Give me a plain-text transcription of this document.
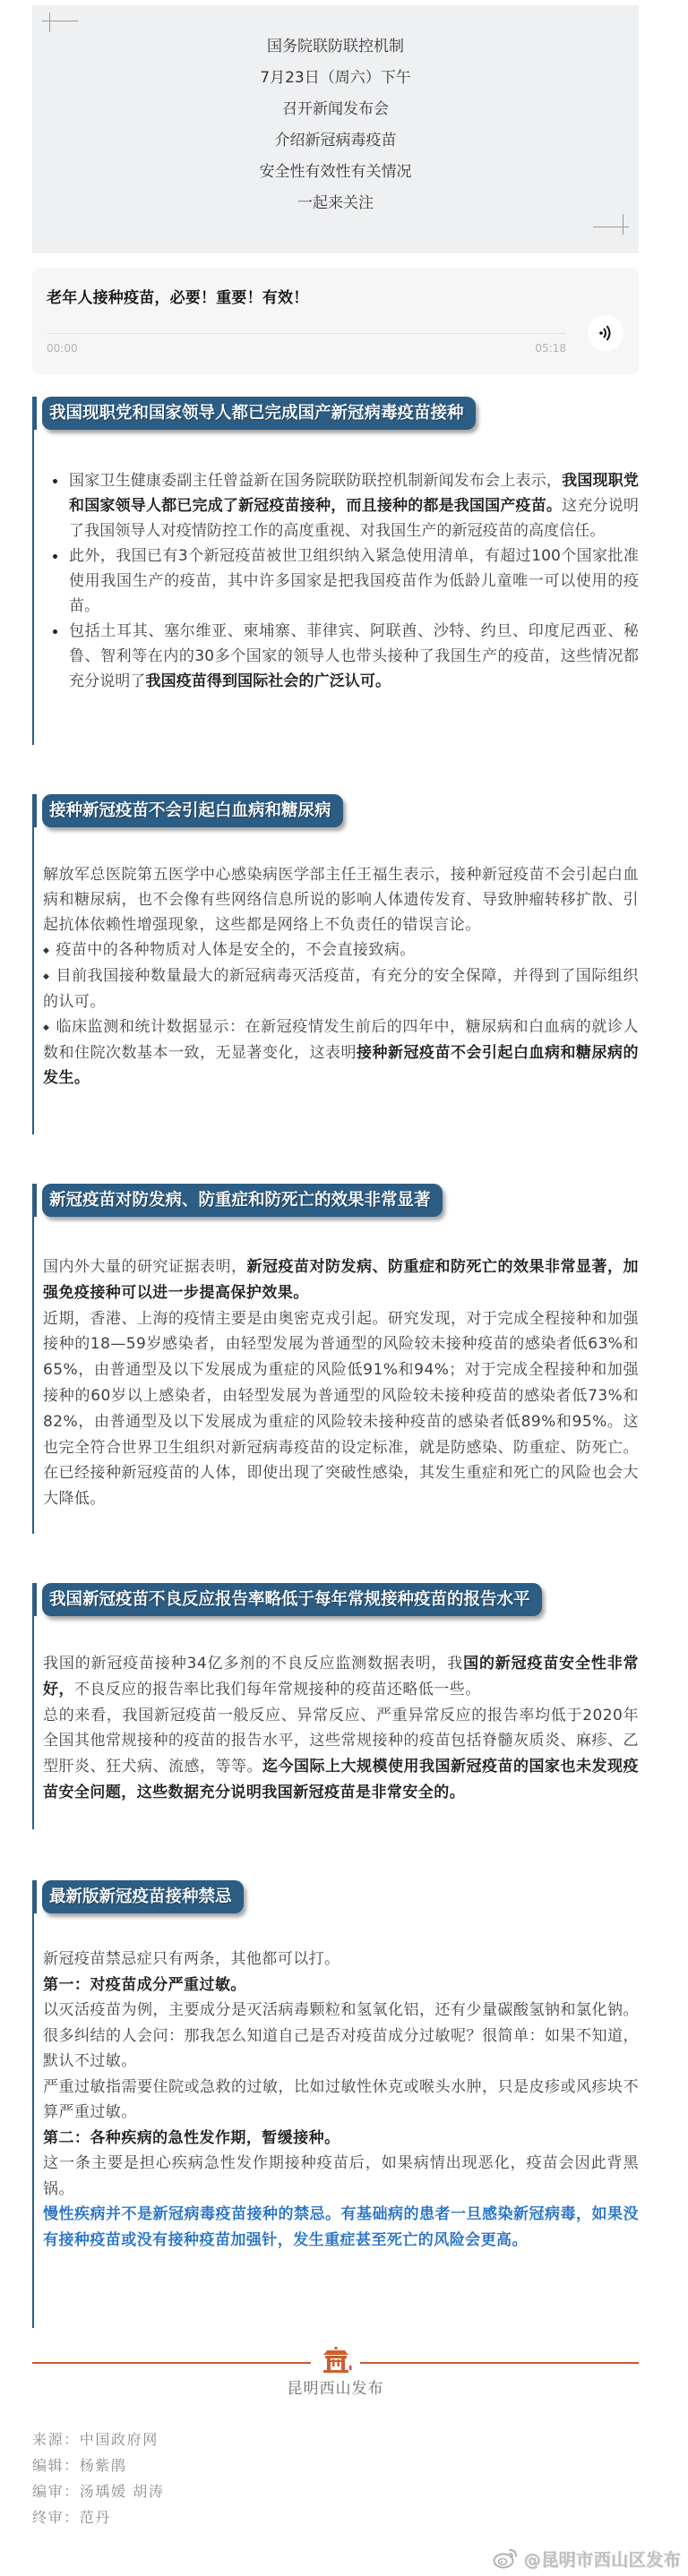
国务院联防联控机制
7月23日（周六）下午
召开新闻发布会
介绍新冠病毒疫苗
安全性有效性有关情况
一起来关注
老年人接种疫苗，必要！重要！有效！
00:00	05:18
我国现职党和国家领导人都已完成国产新冠病毒疫苗接种

国家卫生健康委副主任曾益新在国务院联防联控机制新闻发布会上表示，我国现职党和国家领导人都已完成了新冠疫苗接种，而且接种的都是我国国产疫苗。这充分说明了我国领导人对疫情防控工作的高度重视、对我国生产的新冠疫苗的高度信任。

此外，我国已有3个新冠疫苗被世卫组织纳入紧急使用清单，有超过100个国家批准使用我国生产的疫苗，其中许多国家是把我国疫苗作为低龄儿童唯一可以使用的疫苗。

包括土耳其、塞尔维亚、柬埔寨、菲律宾、阿联酋、沙特、约旦、印度尼西亚、秘鲁、智利等在内的30多个国家的领导人也带头接种了我国生产的疫苗，这些情况都充分说明了我国疫苗得到国际社会的广泛认可。

接种新冠疫苗不会引起白血病和糖尿病

解放军总医院第五医学中心感染病医学部主任王福生表示，接种新冠疫苗不会引起白血病和糖尿病，也不会像有些网络信息所说的影响人体遗传发育、导致肿瘤转移扩散、引起抗体依赖性增强现象，这些都是网络上不负责任的错误言论。

◆ 疫苗中的各种物质对人体是安全的，不会直接致病。

◆ 目前我国接种数量最大的新冠病毒灭活疫苗，有充分的安全保障，并得到了国际组织的认可。

◆ 临床监测和统计数据显示：在新冠疫情发生前后的四年中，糖尿病和白血病的就诊人数和住院次数基本一致，无显著变化，这表明接种新冠疫苗不会引起白血病和糖尿病的发生。

新冠疫苗对防发病、防重症和防死亡的效果非常显著

国内外大量的研究证据表明，新冠疫苗对防发病、防重症和防死亡的效果非常显著，加强免疫接种可以进一步提高保护效果。

近期，香港、上海的疫情主要是由奥密克戎引起。研究发现，对于完成全程接种和加强接种的18—59岁感染者，由轻型发展为普通型的风险较未接种疫苗的感染者低63%和65%，由普通型及以下发展成为重症的风险低91%和94%；对于完成全程接种和加强接种的60岁以上感染者，由轻型发展为普通型的风险较未接种疫苗的感染者低73%和82%，由普通型及以下发展成为重症的风险较未接种疫苗的感染者低89%和95%。这也完全符合世界卫生组织对新冠病毒疫苗的设定标准，就是防感染、防重症、防死亡。在已经接种新冠疫苗的人体，即使出现了突破性感染，其发生重症和死亡的风险也会大大降低。

我国新冠疫苗不良反应报告率略低于每年常规接种疫苗的报告水平

我国的新冠疫苗接种34亿多剂的不良反应监测数据表明，我国的新冠疫苗安全性非常好，不良反应的报告率比我们每年常规接种的疫苗还略低一些。

总的来看，我国新冠疫苗一般反应、异常反应、严重异常反应的报告率均低于2020年全国其他常规接种的疫苗的报告水平，这些常规接种的疫苗包括脊髓灰质炎、麻疹、乙型肝炎、狂犬病、流感，等等。迄今国际上大规模使用我国新冠疫苗的国家也未发现疫苗安全问题，这些数据充分说明我国新冠疫苗是非常安全的。

最新版新冠疫苗接种禁忌

新冠疫苗禁忌症只有两条，其他都可以打。

第一：对疫苗成分严重过敏。

以灭活疫苗为例，主要成分是灭活病毒颗粒和氢氧化铝，还有少量碳酸氢钠和氯化钠。很多纠结的人会问：那我怎么知道自己是否对疫苗成分过敏呢？很简单：如果不知道，默认不过敏。

严重过敏指需要住院或急救的过敏，比如过敏性休克或喉头水肿，只是皮疹或风疹块不算严重过敏。

第二：各种疾病的急性发作期，暂缓接种。

这一条主要是担心疾病急性发作期接种疫苗后，如果病情出现恶化，疫苗会因此背黑锅。

慢性疾病并不是新冠病毒疫苗接种的禁忌。有基础病的患者一旦感染新冠病毒，如果没有接种疫苗或没有接种疫苗加强针，发生重症甚至死亡的风险会更高。

昆明西山发布
来源：中国政府网
编辑：杨紫鹃
编审：汤瑀媛 胡涛
终审：范丹
@昆明市西山区发布
